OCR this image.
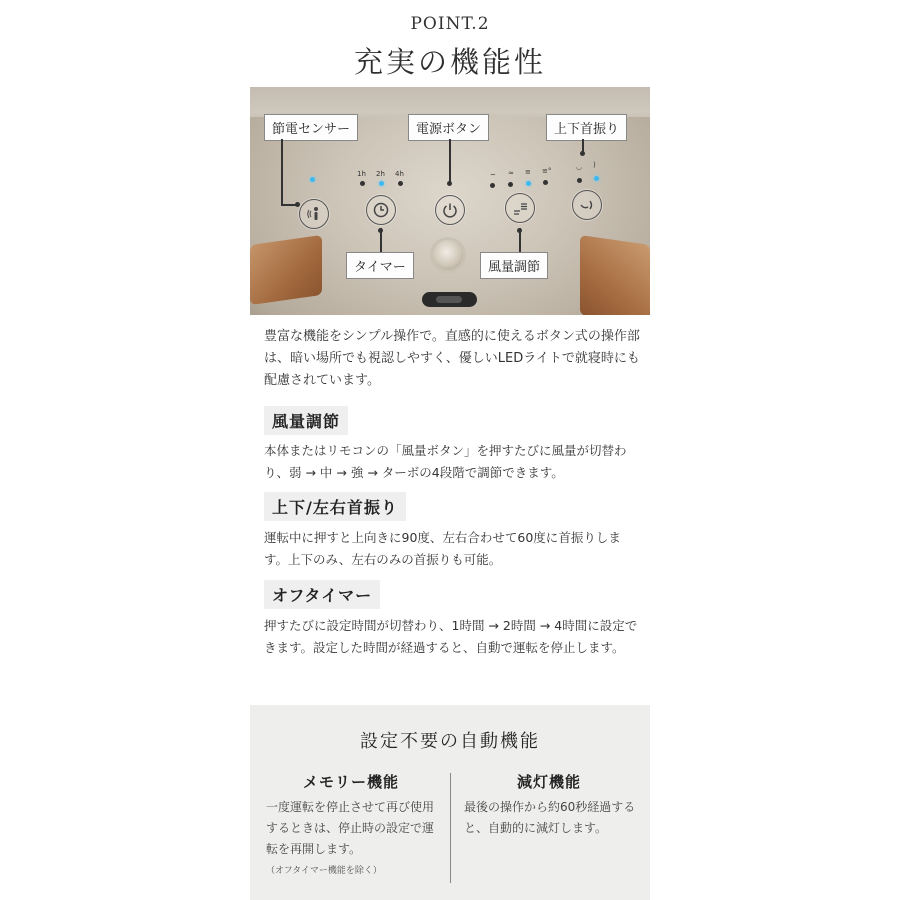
POINT.2
充実の機能性
1h 2h 4h	~ ≈ ≡ ≡°	◡ )
節電センサー	電源ボタン	上下首振り
タイマー	風量調節

豊富な機能をシンプル操作で。直感的に使えるボタン式の操作部は、暗い場所でも視認しやすく、優しいLEDライトで就寝時にも配慮されています。

風量調節

本体またはリモコンの「風量ボタン」を押すたびに風量が切替わり、弱 → 中 → 強 → ターボの4段階で調節できます。

上下/左右首振り

運転中に押すと上向きに90度、左右合わせて60度に首振りします。上下のみ、左右のみの首振りも可能。

オフタイマー

押すたびに設定時間が切替わり、1時間 → 2時間 → 4時間に設定できます。設定した時間が経過すると、自動で運転を停止します。

設定不要の自動機能
メモリー機能

一度運転を停止させて再び使用するときは、停止時の設定で運転を再開します。

（オフタイマー機能を除く）
減灯機能

最後の操作から約60秒経過すると、自動的に減灯します。
